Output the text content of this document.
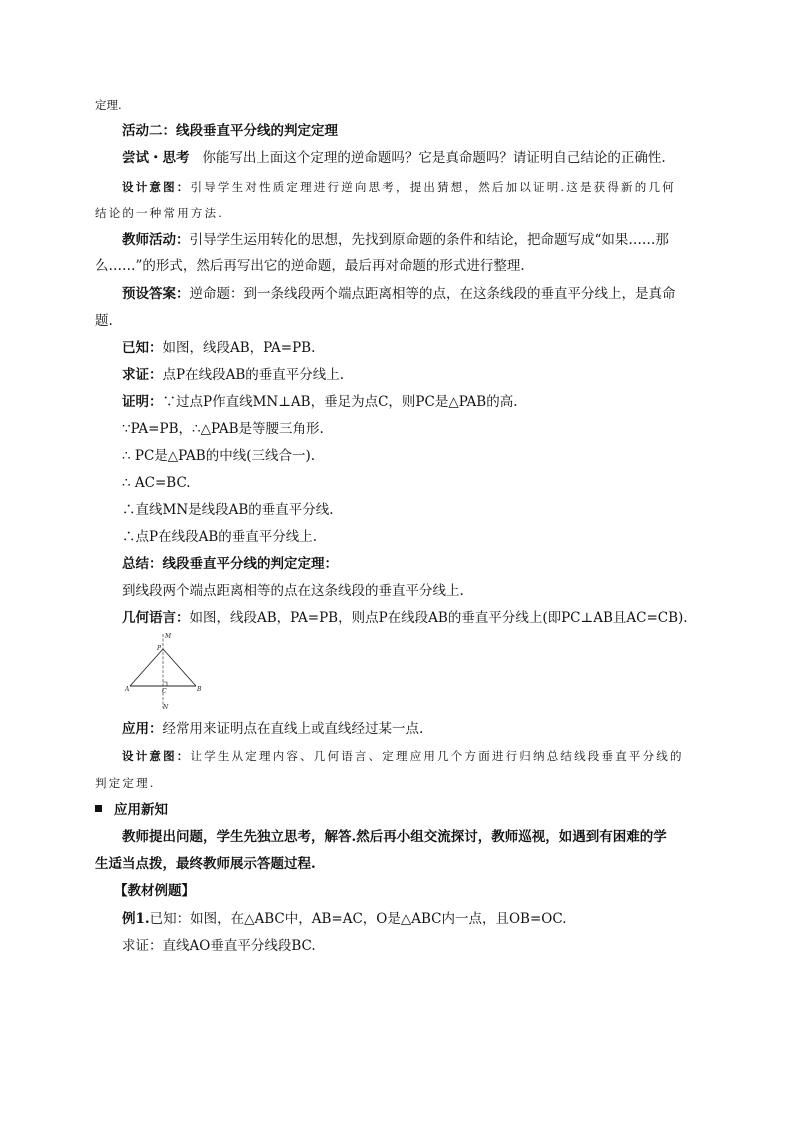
定理.
活动二：线段垂直平分线的判定定理
尝试・思考 你能写出上面这个定理的逆命题吗？它是真命题吗？请证明自己结论的正确性.
设计意图：引导学生对性质定理进行逆向思考，提出猜想，然后加以证明.这是获得新的几何
结论的一种常用方法.
教师活动：引导学生运用转化的思想，先找到原命题的条件和结论，把命题写成“如果……那
么……”的形式，然后再写出它的逆命题，最后再对命题的形式进行整理.
预设答案：逆命题：到一条线段两个端点距离相等的点，在这条线段的垂直平分线上，是真命
题.
已知：如图，线段AB，PA=PB.
求证：点P在线段AB的垂直平分线上.
证明：∵过点P作直线MN⊥AB，垂足为点C，则PC是△PAB的高.
∵PA=PB，∴△PAB是等腰三角形.
∴ PC是△PAB的中线(三线合一).
∴ AC=BC.
∴直线MN是线段AB的垂直平分线.
∴点P在线段AB的垂直平分线上.
总结：线段垂直平分线的判定定理：
到线段两个端点距离相等的点在这条线段的垂直平分线上.
几何语言：如图，线段AB，PA=PB，则点P在线段AB的垂直平分线上(即PC⊥AB且AC=CB).
M
P
A	C	B
N
应用：经常用来证明点在直线上或直线经过某一点.
设计意图：让学生从定理内容、几何语言、定理应用几个方面进行归纳总结线段垂直平分线的
判定定理.
应用新知
教师提出问题，学生先独立思考，解答.然后再小组交流探讨，教师巡视，如遇到有困难的学
生适当点拨，最终教师展示答题过程.
【教材例题】
例1.已知：如图，在△ABC中，AB=AC，O是△ABC内一点，且OB=OC.
求证：直线AO垂直平分线段BC.
